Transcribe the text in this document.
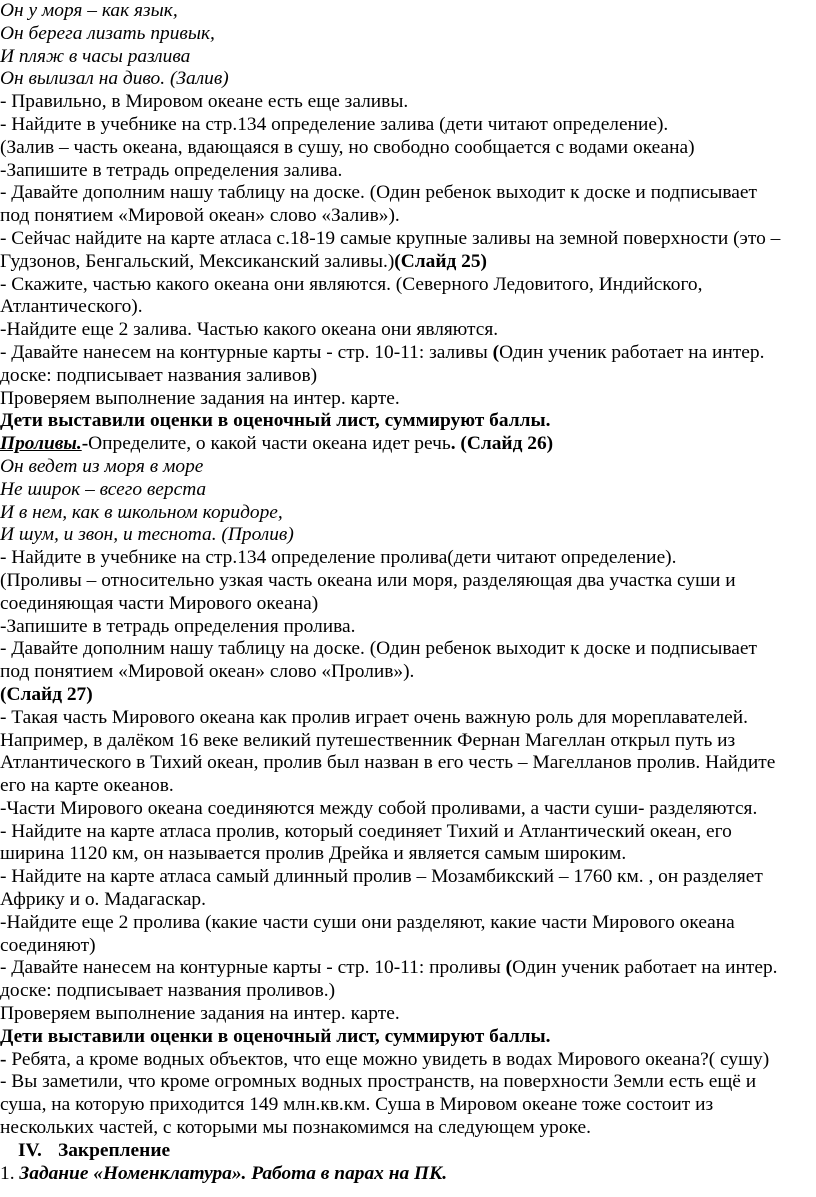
Он у моря – как язык,
Он берега лизать привык,
И пляж в часы разлива
Он вылизал на диво. (Залив)
- Правильно, в Мировом океане есть еще заливы.
- Найдите в учебнике на стр.134 определение залива (дети читают определение).
(Залив – часть океана, вдающаяся в сушу, но свободно сообщается с водами океана)
-Запишите в тетрадь определения залива.
- Давайте дополним нашу таблицу на доске. (Один ребенок выходит к доске и подписывает
под понятием «Мировой океан» слово «Залив»).
- Сейчас найдите на карте атласа с.18-19 самые крупные заливы на земной поверхности (это –
Гудзонов, Бенгальский, Мексиканский заливы.)(Слайд 25)
- Скажите, частью какого океана они являются. (Северного Ледовитого, Индийского,
Атлантического).
-Найдите еще 2 залива. Частью какого океана они являются.
- Давайте нанесем на контурные карты - стр. 10-11: заливы (Один ученик работает на интер.
доске: подписывает названия заливов)
Проверяем выполнение задания на интер. карте.
Дети выставили оценки в оценочный лист, суммируют баллы.
Проливы.-Определите, о какой части океана идет речь. (Слайд 26)
Он ведет из моря в море
Не широк – всего верста
И в нем, как в школьном коридоре,
И шум, и звон, и теснота. (Пролив)
- Найдите в учебнике на стр.134 определение пролива(дети читают определение).
(Проливы – относительно узкая часть океана или моря, разделяющая два участка суши и
соединяющая части Мирового океана)
-Запишите в тетрадь определения пролива.
- Давайте дополним нашу таблицу на доске. (Один ребенок выходит к доске и подписывает
под понятием «Мировой океан» слово «Пролив»).
(Слайд 27)
- Такая часть Мирового океана как пролив играет очень важную роль для мореплавателей.
Например, в далёком 16 веке великий путешественник Фернан Магеллан открыл путь из
Атлантического в Тихий океан, пролив был назван в его честь – Магелланов пролив. Найдите
его на карте океанов.
-Части Мирового океана соединяются между собой проливами, а части суши- разделяются.
- Найдите на карте атласа пролив, который соединяет Тихий и Атлантический океан, его
ширина 1120 км, он называется пролив Дрейка и является самым широким.
- Найдите на карте атласа самый длинный пролив – Мозамбикский – 1760 км. , он разделяет
Африку и о. Мадагаскар.
-Найдите еще 2 пролива (какие части суши они разделяют, какие части Мирового океана
соединяют)
- Давайте нанесем на контурные карты - стр. 10-11: проливы (Один ученик работает на интер.
доске: подписывает названия проливов.)
Проверяем выполнение задания на интер. карте.
Дети выставили оценки в оценочный лист, суммируют баллы.
- Ребята, а кроме водных объектов, что еще можно увидеть в водах Мирового океана?( сушу)
- Вы заметили, что кроме огромных водных пространств, на поверхности Земли есть ещё и
суша, на которую приходится 149 млн.кв.км. Суша в Мировом океане тоже состоит из
нескольких частей, с которыми мы познакомимся на следующем уроке.
IV. Закрепление
1. Задание «Номенклатура». Работа в парах на ПК.
